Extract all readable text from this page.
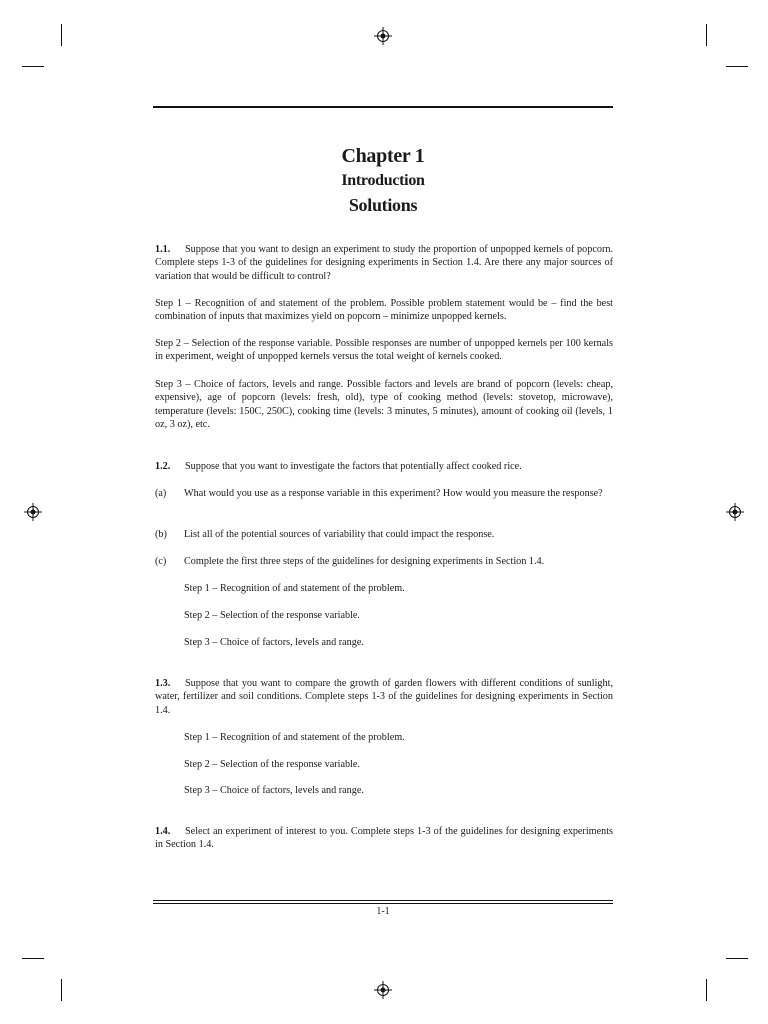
Chapter 1
Introduction
Solutions
1.1. Suppose that you want to design an experiment to study the proportion of unpopped kernels of popcorn. Complete steps 1-3 of the guidelines for designing experiments in Section 1.4. Are there any major sources of variation that would be difficult to control?
Step 1 – Recognition of and statement of the problem. Possible problem statement would be – find the best combination of inputs that maximizes yield on popcorn – minimize unpopped kernels.
Step 2 – Selection of the response variable. Possible responses are number of unpopped kernels per 100 kernals in experiment, weight of unpopped kernels versus the total weight of kernels cooked.
Step 3 – Choice of factors, levels and range. Possible factors and levels are brand of popcorn (levels: cheap, expensive), age of popcorn (levels: fresh, old), type of cooking method (levels: stovetop, microwave), temperature (levels: 150C, 250C), cooking time (levels: 3 minutes, 5 minutes), amount of cooking oil (levels, 1 oz, 3 oz), etc.
1.2. Suppose that you want to investigate the factors that potentially affect cooked rice.
(a) What would you use as a response variable in this experiment? How would you measure the response?
(b) List all of the potential sources of variability that could impact the response.
(c) Complete the first three steps of the guidelines for designing experiments in Section 1.4.
Step 1 – Recognition of and statement of the problem.
Step 2 – Selection of the response variable.
Step 3 – Choice of factors, levels and range.
1.3. Suppose that you want to compare the growth of garden flowers with different conditions of sunlight, water, fertilizer and soil conditions. Complete steps 1-3 of the guidelines for designing experiments in Section 1.4.
Step 1 – Recognition of and statement of the problem.
Step 2 – Selection of the response variable.
Step 3 – Choice of factors, levels and range.
1.4. Select an experiment of interest to you. Complete steps 1-3 of the guidelines for designing experiments in Section 1.4.
1-1
